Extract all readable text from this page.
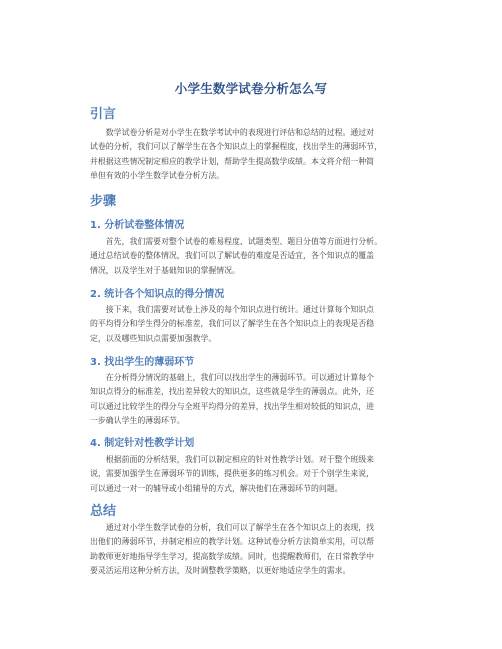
小学生数学试卷分析怎么写
引言
　　数学试卷分析是对小学生在数学考试中的表现进行评估和总结的过程。通过对
试卷的分析，我们可以了解学生在各个知识点上的掌握程度，找出学生的薄弱环节，
并根据这些情况制定相应的教学计划，帮助学生提高数学成绩。本文将介绍一种简
单但有效的小学生数学试卷分析方法。
步骤
1. 分析试卷整体情况
　　首先，我们需要对整个试卷的难易程度、试题类型、题目分值等方面进行分析。
通过总结试卷的整体情况，我们可以了解试卷的难度是否适宜，各个知识点的覆盖
情况，以及学生对于基础知识的掌握情况。
2. 统计各个知识点的得分情况
　　接下来，我们需要对试卷上涉及的每个知识点进行统计。通过计算每个知识点
的平均得分和学生得分的标准差，我们可以了解学生在各个知识点上的表现是否稳
定，以及哪些知识点需要加强教学。
3. 找出学生的薄弱环节
　　在分析得分情况的基础上，我们可以找出学生的薄弱环节。可以通过计算每个
知识点得分的标准差，找出差异较大的知识点，这些就是学生的薄弱点。此外，还
可以通过比较学生的得分与全班平均得分的差异，找出学生相对较低的知识点，进
一步确认学生的薄弱环节。
4. 制定针对性教学计划
　　根据前面的分析结果，我们可以制定相应的针对性教学计划。对于整个班级来
说，需要加强学生在薄弱环节的训练，提供更多的练习机会。对于个别学生来说，
可以通过一对一的辅导或小组辅导的方式，解决他们在薄弱环节的问题。
总结
　　通过对小学生数学试卷的分析，我们可以了解学生在各个知识点上的表现，找
出他们的薄弱环节，并制定相应的教学计划。这种试卷分析方法简单实用，可以帮
助教师更好地指导学生学习，提高数学成绩。同时，也提醒教师们，在日常教学中
要灵活运用这种分析方法，及时调整教学策略，以更好地适应学生的需求。
